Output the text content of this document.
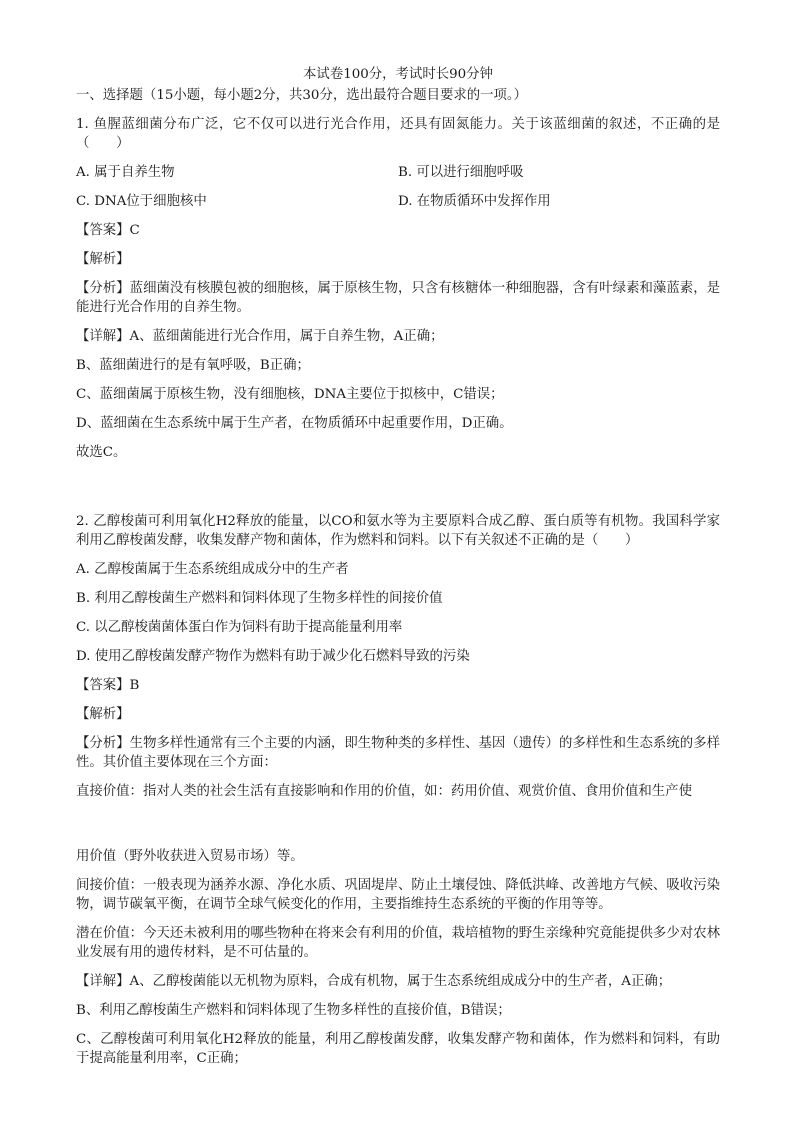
本试卷100分，考试时长90分钟
一、选择题（15小题，每小题2分，共30分，选出最符合题目要求的一项。）
1. 鱼腥蓝细菌分布广泛，它不仅可以进行光合作用，还具有固氮能力。关于该蓝细菌的叙述，不正确的是（　　）
A. 属于自养生物	B. 可以进行细胞呼吸
C. DNA位于细胞核中	D. 在物质循环中发挥作用
【答案】C
【解析】
【分析】蓝细菌没有核膜包被的细胞核，属于原核生物，只含有核糖体一种细胞器，含有叶绿素和藻蓝素，是能进行光合作用的自养生物。
【详解】A、蓝细菌能进行光合作用，属于自养生物，A正确；
B、蓝细菌进行的是有氧呼吸，B正确；
C、蓝细菌属于原核生物，没有细胞核，DNA主要位于拟核中，C错误；
D、蓝细菌在生态系统中属于生产者，在物质循环中起重要作用，D正确。
故选C。
2. 乙醇梭菌可利用氧化H2释放的能量，以CO和氨水等为主要原料合成乙醇、蛋白质等有机物。我国科学家利用乙醇梭菌发酵，收集发酵产物和菌体，作为燃料和饲料。以下有关叙述不正确的是（　　）
A. 乙醇梭菌属于生态系统组成成分中的生产者
B. 利用乙醇梭菌生产燃料和饲料体现了生物多样性的间接价值
C. 以乙醇梭菌菌体蛋白作为饲料有助于提高能量利用率
D. 使用乙醇梭菌发酵产物作为燃料有助于减少化石燃料导致的污染
【答案】B
【解析】
【分析】生物多样性通常有三个主要的内涵，即生物种类的多样性、基因（遗传）的多样性和生态系统的多样性。其价值主要体现在三个方面：
直接价值：指对人类的社会生活有直接影响和作用的价值，如：药用价值、观赏价值、食用价值和生产使
用价值（野外收获进入贸易市场）等。
间接价值：一般表现为涵养水源、净化水质、巩固堤岸、防止土壤侵蚀、降低洪峰、改善地方气候、吸收污染物，调节碳氧平衡，在调节全球气候变化的作用，主要指维持生态系统的平衡的作用等等。
潜在价值：今天还未被利用的哪些物种在将来会有利用的价值，栽培植物的野生亲缘种究竟能提供多少对农林业发展有用的遗传材料，是不可估量的。
【详解】A、乙醇梭菌能以无机物为原料，合成有机物，属于生态系统组成成分中的生产者，A正确；
B、利用乙醇梭菌生产燃料和饲料体现了生物多样性的直接价值，B错误；
C、乙醇梭菌可利用氧化H2释放的能量，利用乙醇梭菌发酵，收集发酵产物和菌体，作为燃料和饲料，有助于提高能量利用率，C正确；
